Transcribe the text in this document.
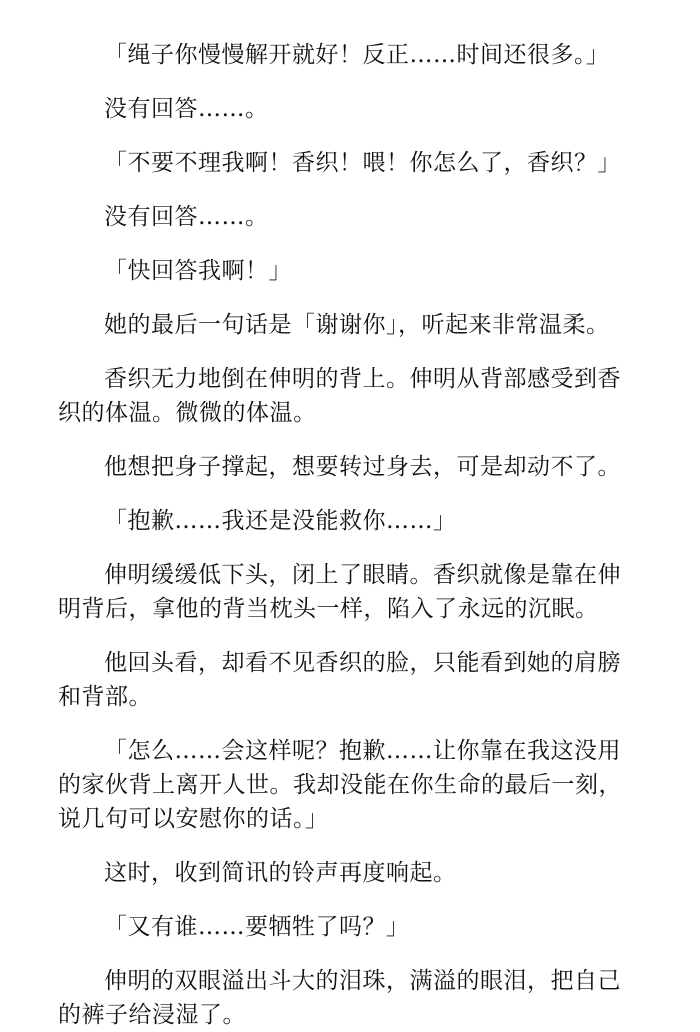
「绳子你慢慢解开就好！反正……时间还很多。」

没有回答……。

「不要不理我啊！香织！喂！你怎么了，香织？」

没有回答……。

「快回答我啊！」

她的最后一句话是「谢谢你」，听起来非常温柔。

香织无力地倒在伸明的背上。伸明从背部感受到香织的体温。微微的体温。

他想把身子撑起，想要转过身去，可是却动不了。

「抱歉……我还是没能救你……」

伸明缓缓低下头，闭上了眼睛。香织就像是靠在伸明背后，拿他的背当枕头一样，陷入了永远的沉眠。

他回头看，却看不见香织的脸，只能看到她的肩膀和背部。

「怎么……会这样呢？抱歉……让你靠在我这没用的家伙背上离开人世。我却没能在你生命的最后一刻，说几句可以安慰你的话。」

这时，收到简讯的铃声再度响起。

「又有谁……要牺牲了吗？」

伸明的双眼溢出斗大的泪珠，满溢的眼泪，把自己的裤子给浸湿了。
